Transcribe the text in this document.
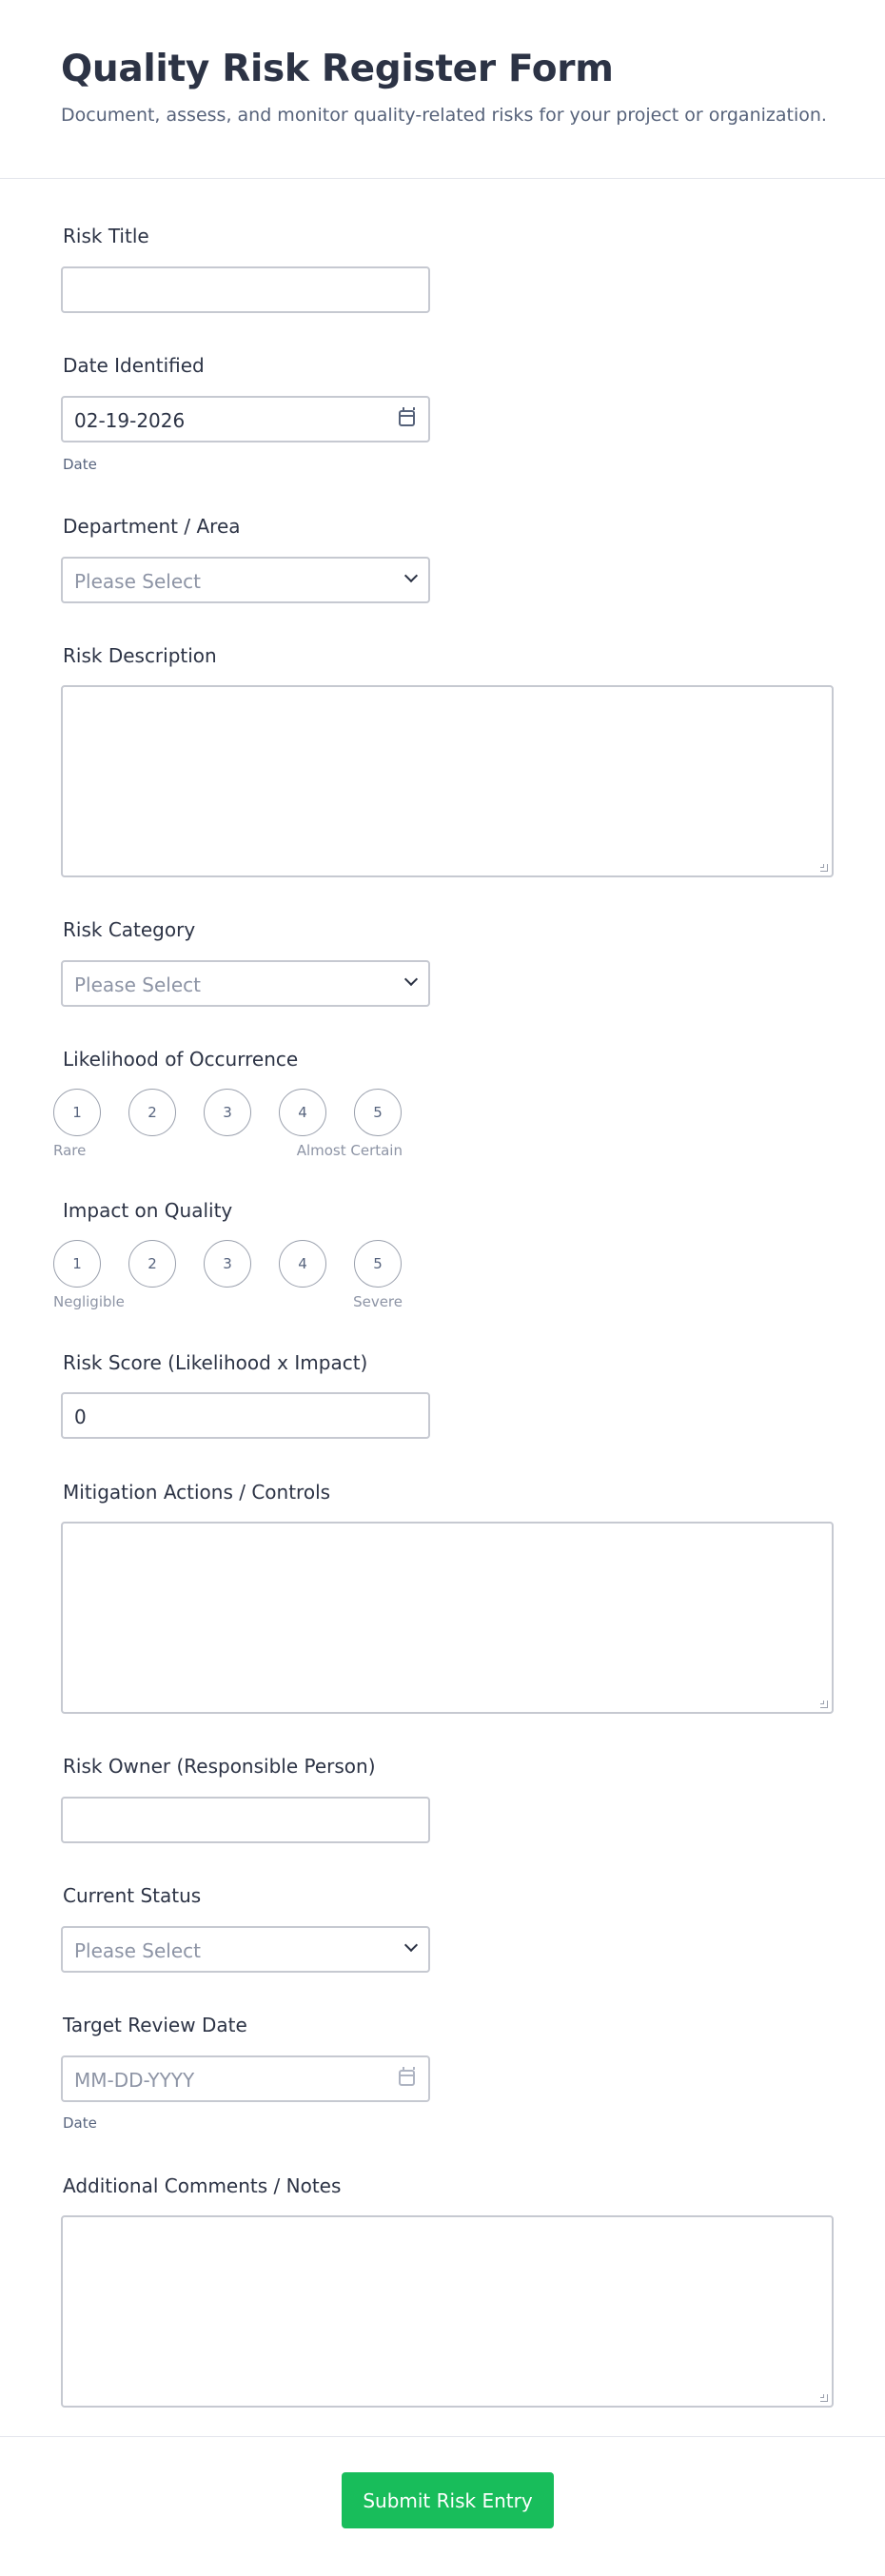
Quality Risk Register Form

Document, assess, and monitor quality-related risks for your project or organization.

Risk Title
Date Identified
02-19-2026
Date
Department / Area
Please Select
Risk Description
Risk Category
Please Select
Likelihood of Occurrence
1	2	3	4	5
Rare	Almost Certain
Impact on Quality
1	2	3	4	5
Negligible	Severe
Risk Score (Likelihood x Impact)
0
Mitigation Actions / Controls
Risk Owner (Responsible Person)
Current Status
Please Select
Target Review Date
MM-DD-YYYY
Date
Additional Comments / Notes
Submit Risk Entry
